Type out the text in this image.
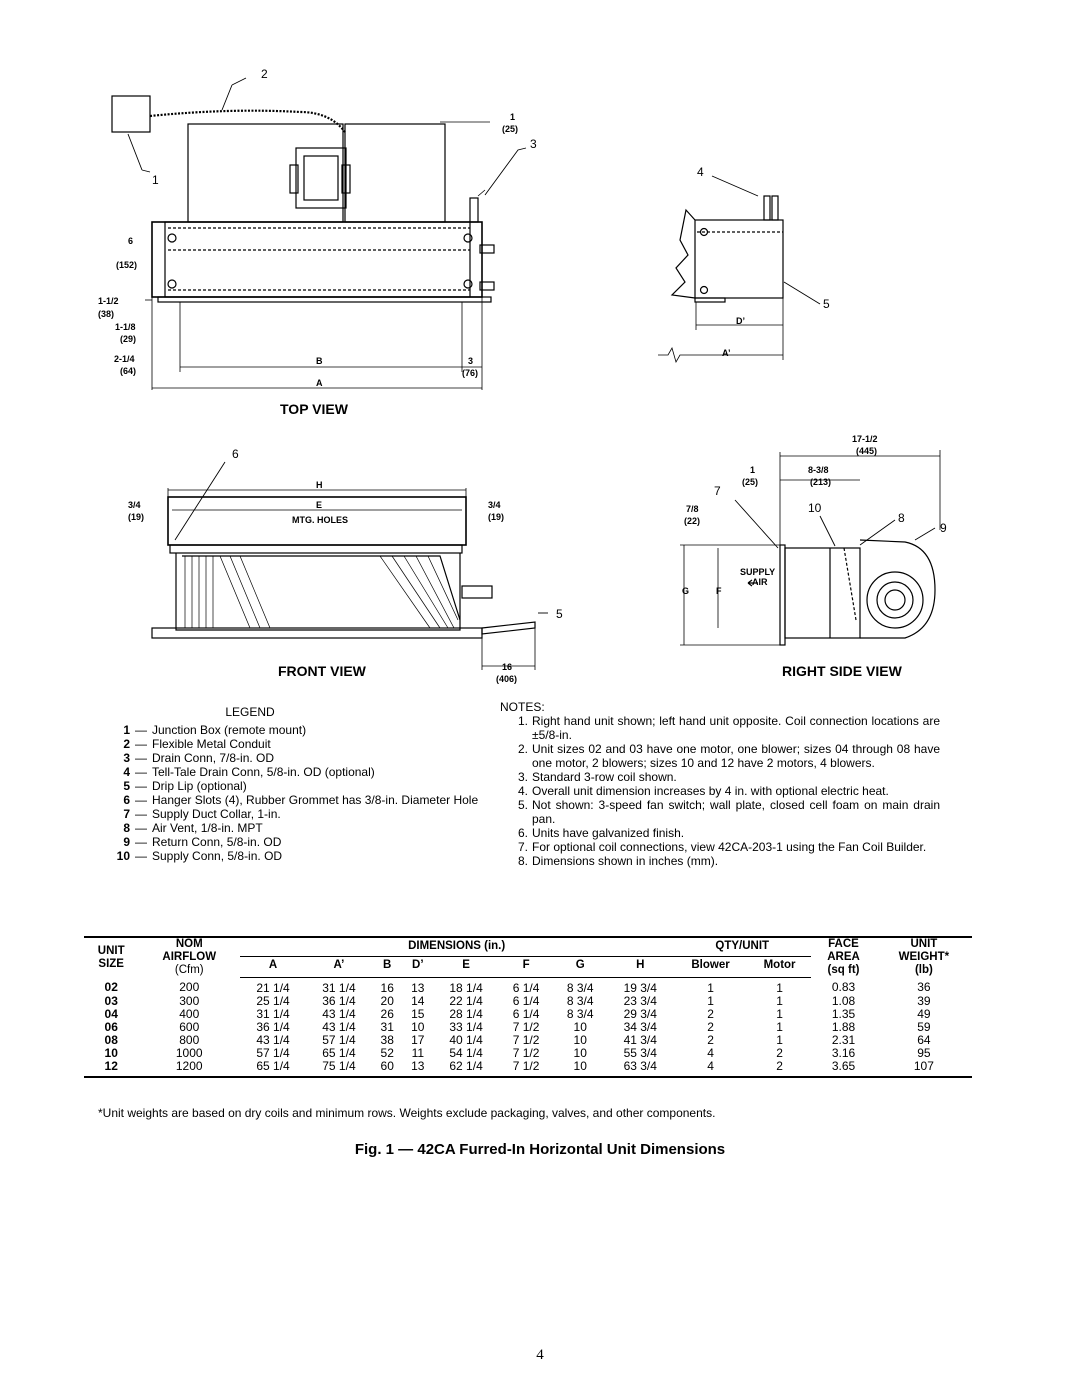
2
1
3
1
(25)
6
(152)
1-1/2
(38)
1-1/8
(29)
2-1/4
(64)
3
(76)
B
A
TOP VIEW
4
5
D’
A’
6
5
3/4
(19)
3/4
(19)
H
E
MTG. HOLES
16
(406)
FRONT VIEW
7
8
9
10
17-1/2
(445)
1
(25)
8-3/8
(213)
7/8
(22)
G	F
SUPPLY
AIR
RIGHT SIDE VIEW
LEGEND
1 — Junction Box (remote mount)
2 — Flexible Metal Conduit
3 — Drain Conn, 7/8-in. OD
4 — Tell-Tale Drain Conn, 5/8-in. OD (optional)
5 — Drip Lip (optional)
6 — Hanger Slots (4), Rubber Grommet has 3/8-in. Diameter Hole
7 — Supply Duct Collar, 1-in.
8 — Air Vent, 1/8-in. MPT
9 — Return Conn, 5/8-in. OD
10 — Supply Conn, 5/8-in. OD
NOTES:
1. Right hand unit shown; left hand unit opposite. Coil connection locations are ±5/8-in.
2. Unit sizes 02 and 03 have one motor, one blower; sizes 04 through 08 have one motor, 2 blowers; sizes 10 and 12 have 2 motors, 4 blowers.
3. Standard 3-row coil shown.
4. Overall unit dimension increases by 4 in. with optional electric heat.
5. Not shown: 3-speed fan switch; wall plate, closed cell foam on main drain pan.
6. Units have galvanized finish.
7. For optional coil connections, view 42CA-203-1 using the Fan Coil Builder.
8. Dimensions shown in inches (mm).
UNIT
SIZE	NOM
AIRFLOW
(Cfm)	DIMENSIONS (in.)								QTY/UNIT		FACE
AREA
(sq ft)	UNIT
WEIGHT*
(lb)
		A	A’	B	D’	E	F	G	H	Blower	Motor		

02	200	21 1/4	31 1/4	16	13	18 1/4	6 1/4	8 3/4	19 3/4	1	1	0.83	36
03	300	25 1/4	36 1/4	20	14	22 1/4	6 1/4	8 3/4	23 3/4	1	1	1.08	39
04	400	31 1/4	43 1/4	26	15	28 1/4	6 1/4	8 3/4	29 3/4	2	1	1.35	49
06	600	36 1/4	43 1/4	31	10	33 1/4	7 1/2	10	34 3/4	2	1	1.88	59
08	800	43 1/4	57 1/4	38	17	40 1/4	7 1/2	10	41 3/4	2	1	2.31	64
10	1000	57 1/4	65 1/4	52	11	54 1/4	7 1/2	10	55 3/4	4	2	3.16	95
12	1200	65 1/4	75 1/4	60	13	62 1/4	7 1/2	10	63 3/4	4	2	3.65	107
*Unit weights are based on dry coils and minimum rows. Weights exclude packaging, valves, and other components.
Fig. 1 — 42CA Furred-In Horizontal Unit Dimensions
4
